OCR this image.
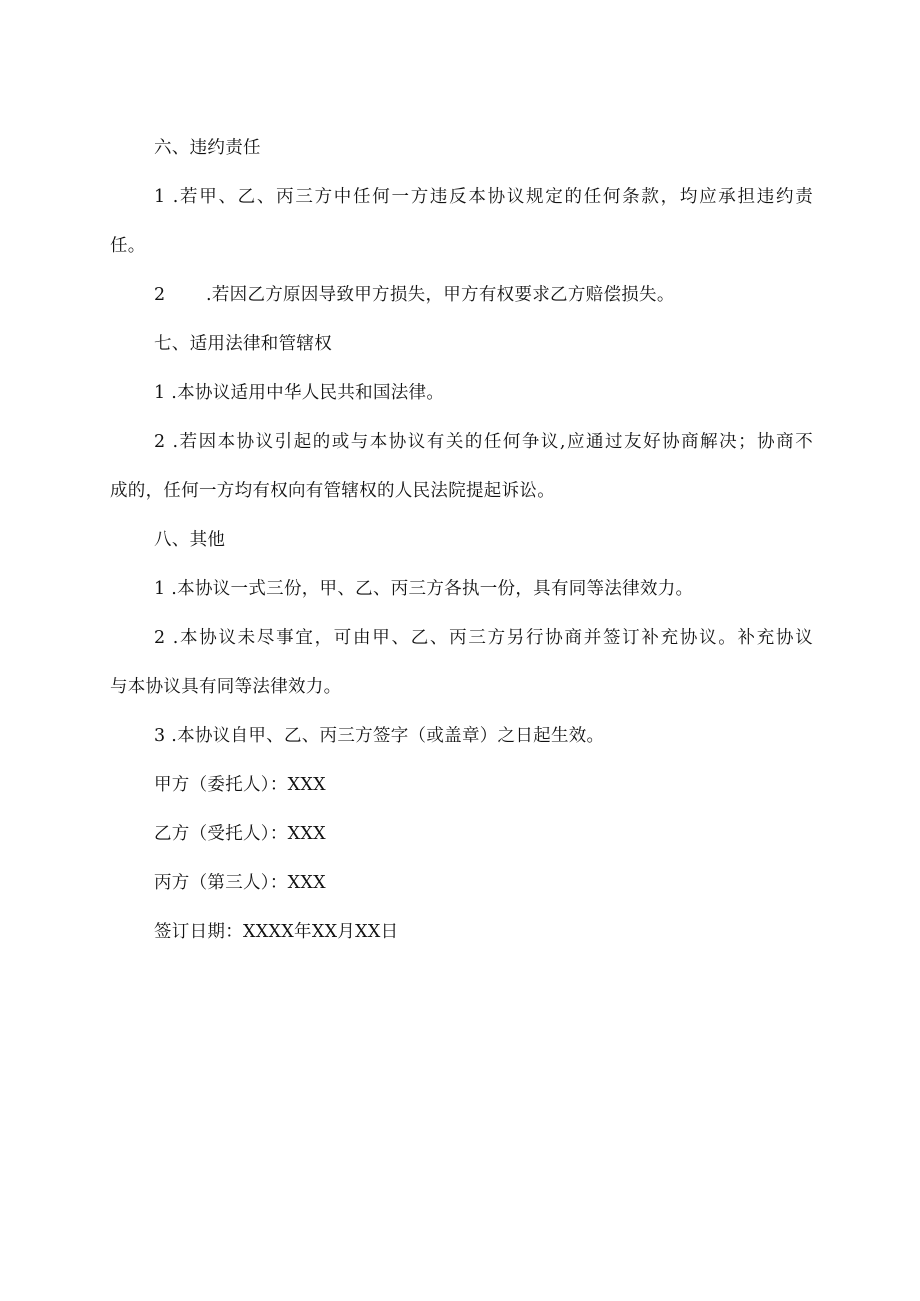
六、违约责任
1 .若甲、乙、丙三方中任何一方违反本协议规定的任何条款，均应承担违约责
任。
2 .若因乙方原因导致甲方损失，甲方有权要求乙方赔偿损失。
七、适用法律和管辖权
1 .本协议适用中华人民共和国法律。
2 .若因本协议引起的或与本协议有关的任何争议,应通过友好协商解决；协商不
成的，任何一方均有权向有管辖权的人民法院提起诉讼。
八、其他
1 .本协议一式三份，甲、乙、丙三方各执一份，具有同等法律效力。
2 .本协议未尽事宜，可由甲、乙、丙三方另行协商并签订补充协议。补充协议
与本协议具有同等法律效力。
3 .本协议自甲、乙、丙三方签字（或盖章）之日起生效。
甲方（委托人）：XXX
乙方（受托人）：XXX
丙方（第三人）：XXX
签订日期：XXXX年XX月XX日
